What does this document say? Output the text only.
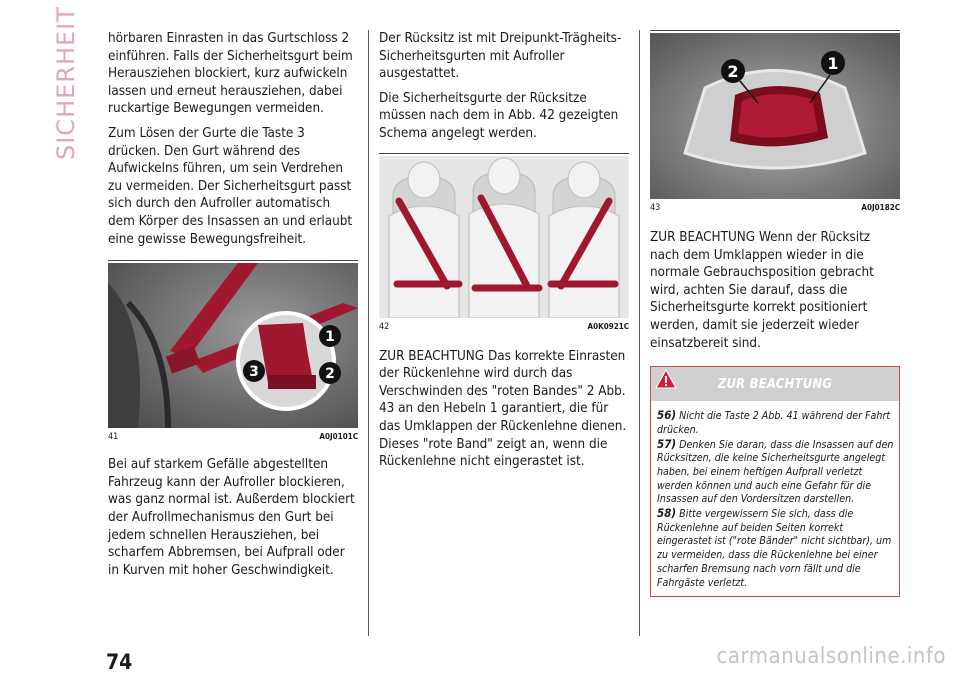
SICHERHEIT hörbaren Einrasten in das Gurtschloss 2 einführen. Falls der Sicherheitsgurt beim Herausziehen blockiert, kurz aufwickeln lassen und erneut herausziehen, dabei ruckartige Bewegungen vermeiden.

Zum Lösen der Gurte die Taste 3 drücken. Den Gurt während des Aufwickelns führen, um sein Verdrehen zu vermeiden. Der Sicherheitsgurt passt sich durch den Aufroller automatisch dem Körper des Insassen an und erlaubt eine gewisse Bewegungsfreiheit.

1
2
3
41	A0J0101C

Bei auf starkem Gefälle abgestellten Fahrzeug kann der Aufroller blockieren, was ganz normal ist. Außerdem blockiert der Aufrollmechanismus den Gurt bei jedem schnellen Herausziehen, bei scharfem Abbremsen, bei Aufprall oder in Kurven mit hoher Geschwindigkeit.

Der Rücksitz ist mit Dreipunkt-Trägheits-Sicherheitsgurten mit Aufroller ausgestattet.

Die Sicherheitsgurte der Rücksitze müssen nach dem in Abb. 42 gezeigten Schema angelegt werden.

42	A0K0921C

ZUR BEACHTUNG Das korrekte Einrasten der Rückenlehne wird durch das Verschwinden des "roten Bandes" 2 Abb. 43 an den Hebeln 1 garantiert, die für das Umklappen der Rückenlehne dienen. Dieses "rote Band" zeigt an, wenn die Rückenlehne nicht eingerastet ist.

2	1
43	A0J0182C

ZUR BEACHTUNG Wenn der Rücksitz nach dem Umklappen wieder in die normale Gebrauchsposition gebracht wird, achten Sie darauf, dass die Sicherheitsgurte korrekt positioniert werden, damit sie jederzeit wieder einsatzbereit sind.

ZUR BEACHTUNG

56) Nicht die Taste 2 Abb. 41 während der Fahrt drücken.

57) Denken Sie daran, dass die Insassen auf den Rücksitzen, die keine Sicherheitsgurte angelegt haben, bei einem heftigen Aufprall verletzt werden können und auch eine Gefahr für die Insassen auf den Vordersitzen darstellen.

58) Bitte vergewissern Sie sich, dass die Rückenlehne auf beiden Seiten korrekt eingerastet ist ("rote Bänder" nicht sichtbar), um zu vermeiden, dass die Rückenlehne bei einer scharfen Bremsung nach vorn fällt und die Fahrgäste verletzt.

74	carmanualsonline.info
